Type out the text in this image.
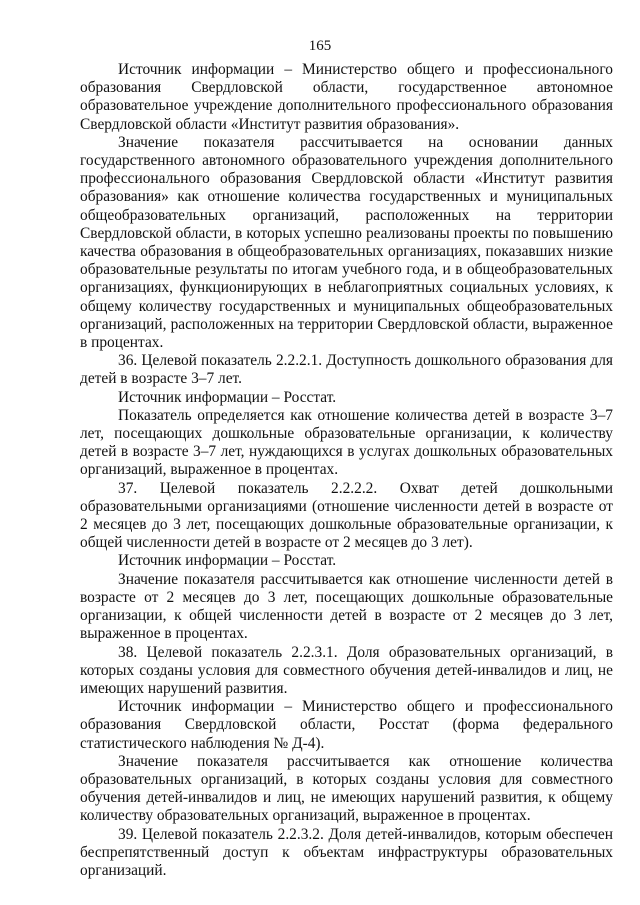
165

Источник информации – Министерство общего и профессионального образования Свердловской области, государственное автономное образовательное учреждение дополнительного профессионального образования Свердловской области «Институт развития образования».

Значение показателя рассчитывается на основании данных государственного автономного образовательного учреждения дополнительного профессионального образования Свердловской области «Институт развития образования» как отношение количества государственных и муниципальных общеобразовательных организаций, расположенных на территории Свердловской области, в которых успешно реализованы проекты по повышению качества образования в общеобразовательных организациях, показавших низкие образовательные результаты по итогам учебного года, и в общеобразовательных организациях, функционирующих в неблагоприятных социальных условиях, к общему количеству государственных и муниципальных общеобразовательных организаций, расположенных на территории Свердловской области, выраженное в процентах.

36. Целевой показатель 2.2.2.1. Доступность дошкольного образования для детей в возрасте 3–7 лет.

Источник информации – Росстат.

Показатель определяется как отношение количества детей в возрасте 3–7 лет, посещающих дошкольные образовательные организации, к количеству детей в возрасте 3–7 лет, нуждающихся в услугах дошкольных образовательных организаций, выраженное в процентах.

37. Целевой показатель 2.2.2.2. Охват детей дошкольными образовательными организациями (отношение численности детей в возрасте от 2 месяцев до 3 лет, посещающих дошкольные образовательные организации, к общей численности детей в возрасте от 2 месяцев до 3 лет).

Источник информации – Росстат.

Значение показателя рассчитывается как отношение численности детей в возрасте от 2 месяцев до 3 лет, посещающих дошкольные образовательные организации, к общей численности детей в возрасте от 2 месяцев до 3 лет, выраженное в процентах.

38. Целевой показатель 2.2.3.1. Доля образовательных организаций, в которых созданы условия для совместного обучения детей-инвалидов и лиц, не имеющих нарушений развития.

Источник информации – Министерство общего и профессионального образования Свердловской области, Росстат (форма федерального статистического наблюдения № Д-4).

Значение показателя рассчитывается как отношение количества образовательных организаций, в которых созданы условия для совместного обучения детей-инвалидов и лиц, не имеющих нарушений развития, к общему количеству образовательных организаций, выраженное в процентах.

39. Целевой показатель 2.2.3.2. Доля детей-инвалидов, которым обеспечен беспрепятственный доступ к объектам инфраструктуры образовательных организаций.
